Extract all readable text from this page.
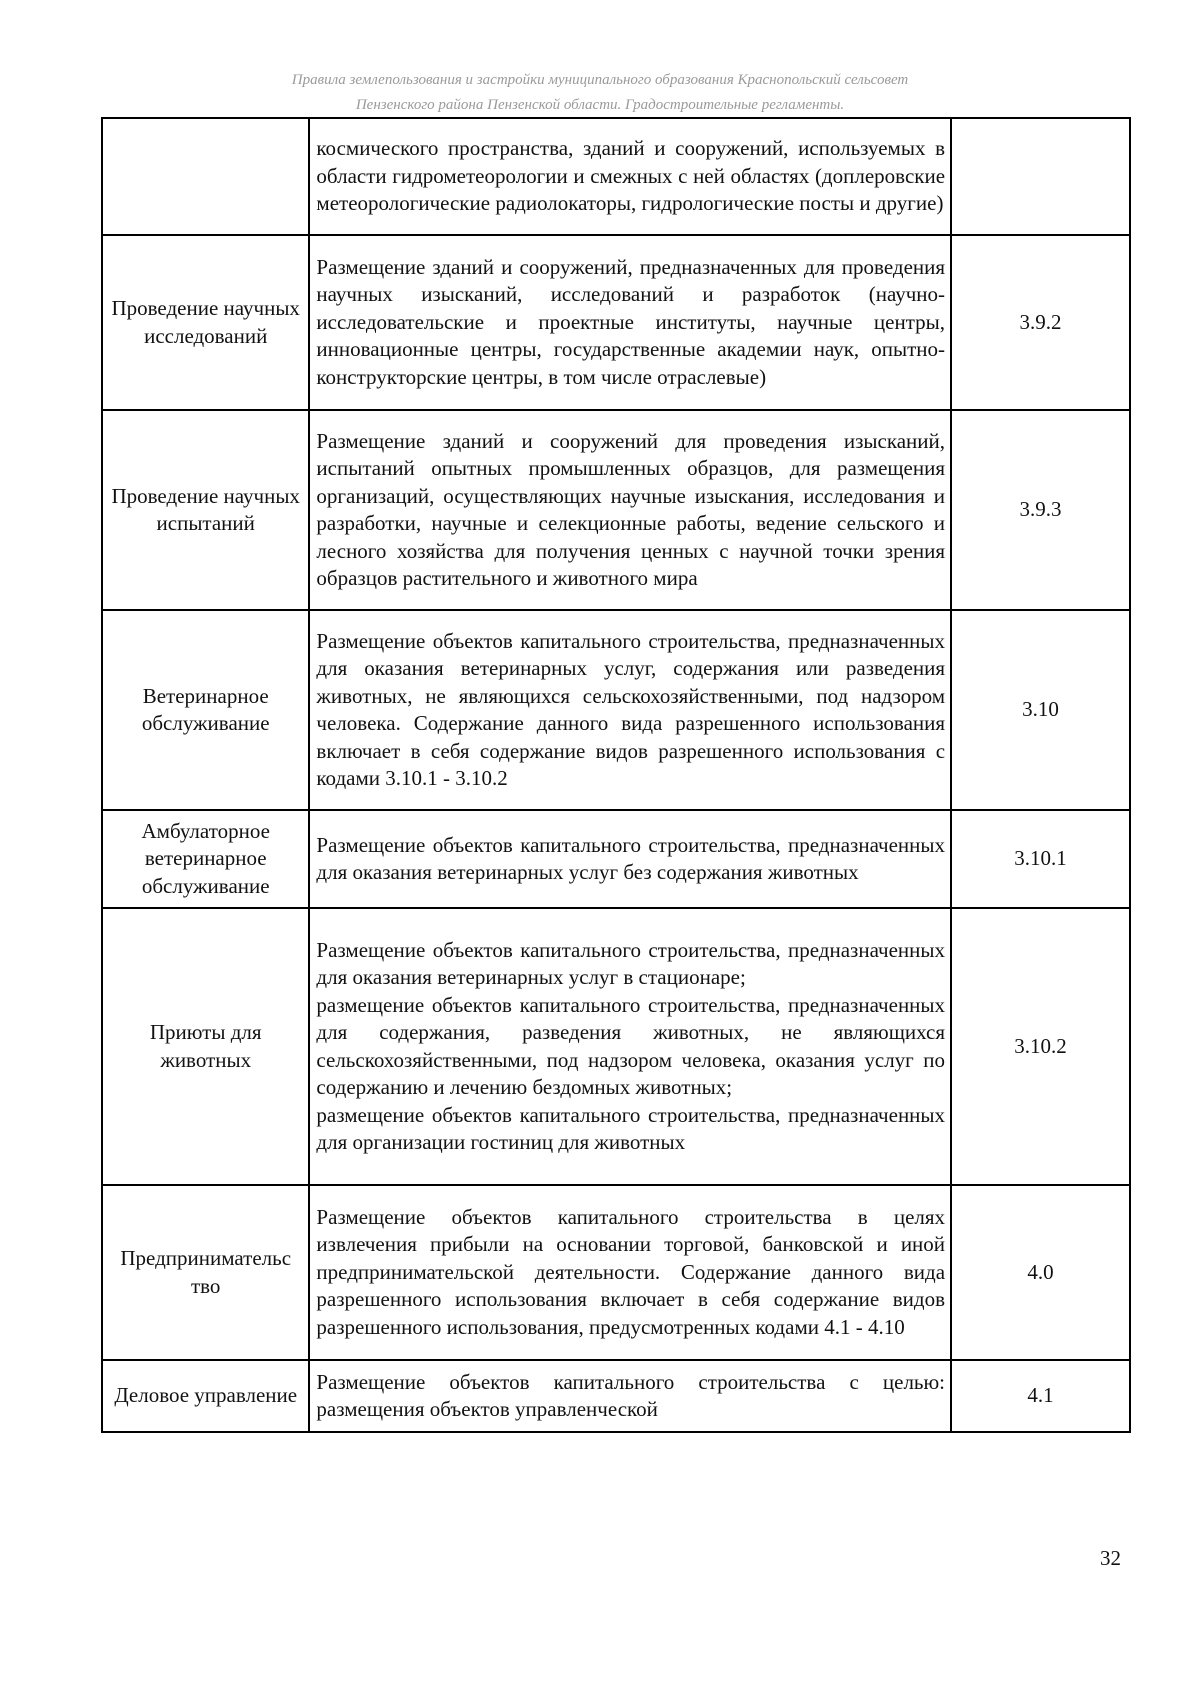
Правила землепользования и застройки муниципального образования Краснопольский сельсовет
Пензенского района Пензенской области. Градостроительные регламенты.

	космического пространства, зданий и сооружений, используемых в области гидрометеорологии и смежных с ней областях (доплеровские метеорологические радиолокаторы, гидрологические посты и другие)	

Проведение научных исследований	Размещение зданий и сооружений, предназначенных для проведения научных изысканий, исследований и разработок (научно-исследовательские и проектные институты, научные центры, инновационные центры, государственные академии наук, опытно-конструкторские центры, в том числе отраслевые)	3.9.2
Проведение научных испытаний	Размещение зданий и сооружений для проведения изысканий, испытаний опытных промышленных образцов, для размещения организаций, осуществляющих научные изыскания, исследования и разработки, научные и селекционные работы, ведение сельского и лесного хозяйства для получения ценных с научной точки зрения образцов растительного и животного мира	3.9.3
Ветеринарное обслуживание	Размещение объектов капитального строительства, предназначенных для оказания ветеринарных услуг, содержания или разведения животных, не являющихся сельскохозяйственными, под надзором человека. Содержание данного вида разрешенного использования включает в себя содержание видов разрешенного использования с кодами 3.10.1 - 3.10.2	3.10
Амбулаторное ветеринарное обслуживание	Размещение объектов капитального строительства, предназначенных для оказания ветеринарных услуг без содержания животных	3.10.1
Приюты для животных	Размещение объектов капитального строительства, предназначенных для оказания ветеринарных услуг в стационаре;

размещение объектов капитального строительства, предназначенных для содержания, разведения животных, не являющихся сельскохозяйственными, под надзором человека, оказания услуг по содержанию и лечению бездомных животных;

размещение объектов капитального строительства, предназначенных для организации гостиниц для животных	3.10.2
Предпринимательс тво	Размещение объектов капитального строительства в целях извлечения прибыли на основании торговой, банковской и иной предпринимательской деятельности. Содержание данного вида разрешенного использования включает в себя содержание видов разрешенного использования, предусмотренных кодами 4.1 - 4.10	4.0
Деловое управление	Размещение объектов капитального строительства с целью: размещения объектов управленческой	4.1
32
